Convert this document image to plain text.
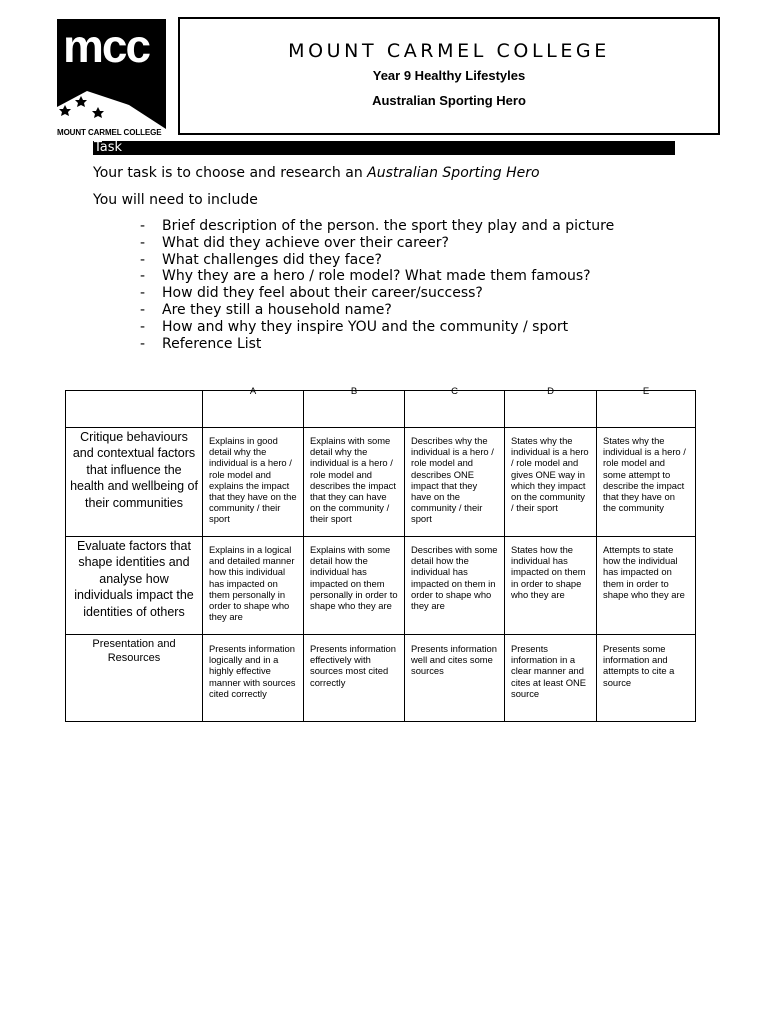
mcc
MOUNT CARMEL COLLEGE
MOUNT CARMEL COLLEGE
Year 9 Healthy Lifestyles
Australian Sporting Hero
Task
Your task is to choose and research an Australian Sporting Hero
You will need to include
- Brief description of the person. the sport they play and a picture
- What did they achieve over their career?
- What challenges did they face?
- Why they are a hero / role model? What made them famous?
- How did they feel about their career/success?
- Are they still a household name?
- How and why they inspire YOU and the community / sport
- Reference List
	A	B	C	D	E
Critique behaviours and contextual factors that influence the health and wellbeing of their communities	Explains in good detail why the individual is a hero / role model and explains the impact that they have on the community / their sport	Explains with some detail why the individual is a hero / role model and describes the impact that they can have on the community / their sport	Describes why the individual is a hero / role model and describes ONE impact that they have on the community / their sport	States why the individual is a hero / role model and gives ONE way in which they impact on the community / their sport	States why the individual is a hero / role model and some attempt to describe the impact that they have on the community
Evaluate factors that shape identities and analyse how individuals impact the identities of others	Explains in a logical and detailed manner how this individual has impacted on them personally in order to shape who they are	Explains with some detail how the individual has impacted on them personally in order to shape who they are	Describes with some detail how the individual has impacted on them in order to shape who they are	States how the individual has impacted on them in order to shape who they are	Attempts to state how the individual has impacted on them in order to shape who they are
Presentation and Resources	Presents information logically and in a highly effective manner with sources cited correctly	Presents information effectively with sources most cited correctly	Presents information well and cites some sources	Presents information in a clear manner and cites at least ONE source	Presents some information and attempts to cite a source
